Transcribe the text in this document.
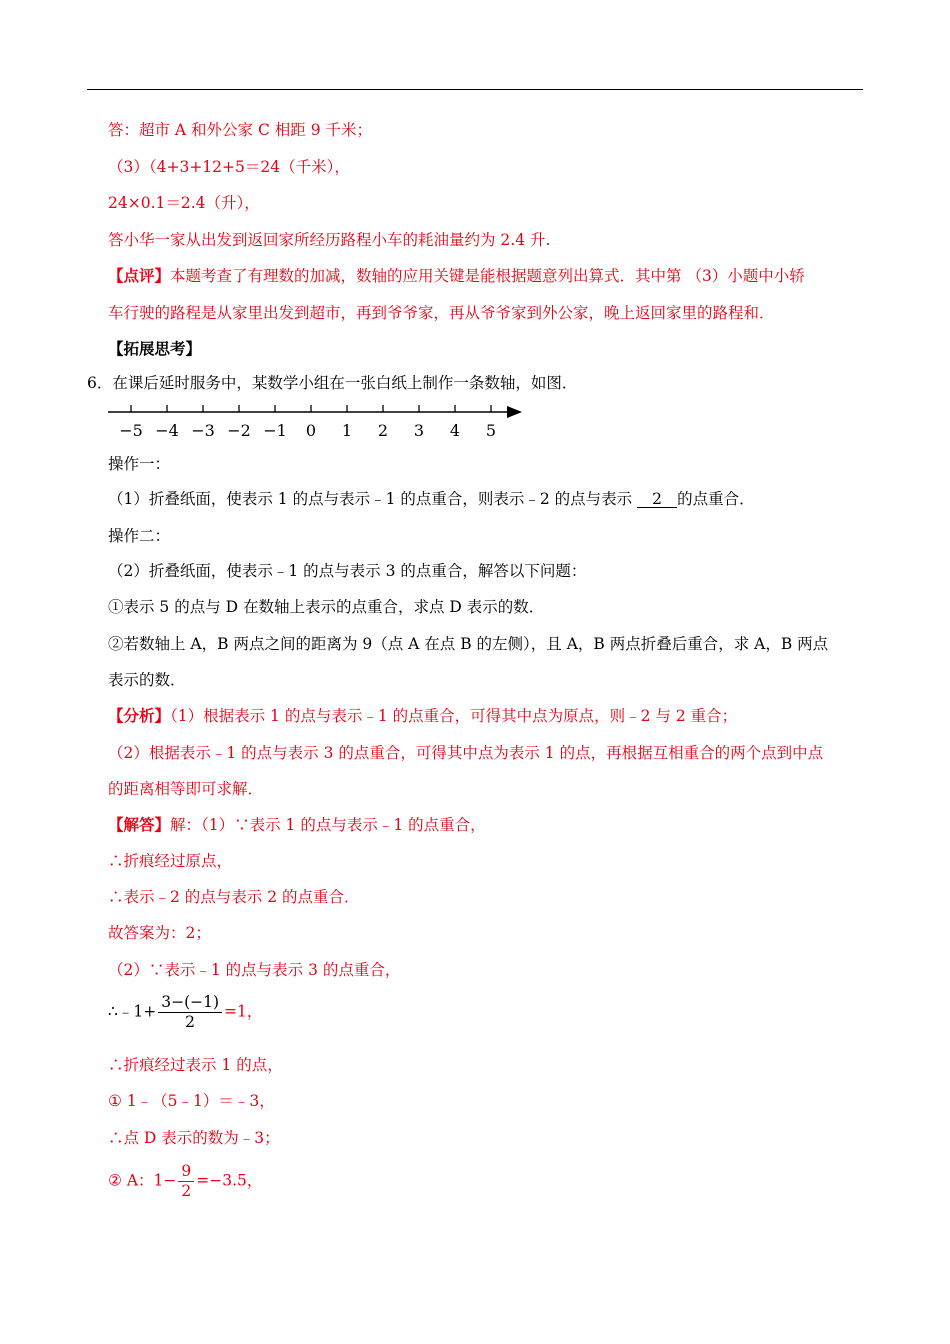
答：超市 A 和外公家 C 相距 9 千米；
（3）（4+3+12+5＝24（千米），
24×0.1＝2.4（升），
答小华一家从出发到返回家所经历路程小车的耗油量约为 2.4 升.
【点评】本题考查了有理数的加减，数轴的应用关键是能根据题意列出算式．其中第 （3）小题中小轿
车行驶的路程是从家里出发到超市，再到爷爷家，再从爷爷家到外公家，晚上返回家里的路程和．
【拓展思考】
6．在课后延时服务中，某数学小组在一张白纸上制作一条数轴，如图．
−5 −4 −3 −2 −1 0 1 2 3 4 5
操作一：
（1）折叠纸面，使表示 1 的点与表示﹣1 的点重合，则表示﹣2 的点与表示 2 的点重合．
操作二：
（2）折叠纸面，使表示﹣1 的点与表示 3 的点重合，解答以下问题：
①表示 5 的点与 D 在数轴上表示的点重合，求点 D 表示的数．
②若数轴上 A，B 两点之间的距离为 9（点 A 在点 B 的左侧），且 A，B 两点折叠后重合，求 A，B 两点
表示的数．
【分析】（1）根据表示 1 的点与表示﹣1 的点重合，可得其中点为原点，则﹣2 与 2 重合；
（2）根据表示﹣1 的点与表示 3 的点重合，可得其中点为表示 1 的点，再根据互相重合的两个点到中点
的距离相等即可求解．
【解答】解：（1）∵表示 1 的点与表示﹣1 的点重合，
∴折痕经过原点，
∴表示﹣2 的点与表示 2 的点重合．
故答案为：2；
（2）∵表示﹣1 的点与表示 3 的点重合，
∴﹣1+ $\frac{3-(-1)}{2} =1$，
∴折痕经过表示 1 的点，
① 1﹣（5﹣1）＝﹣3，
∴点 D 表示的数为﹣3；
② A：$1- \frac{9}{2} =-3.5$，
